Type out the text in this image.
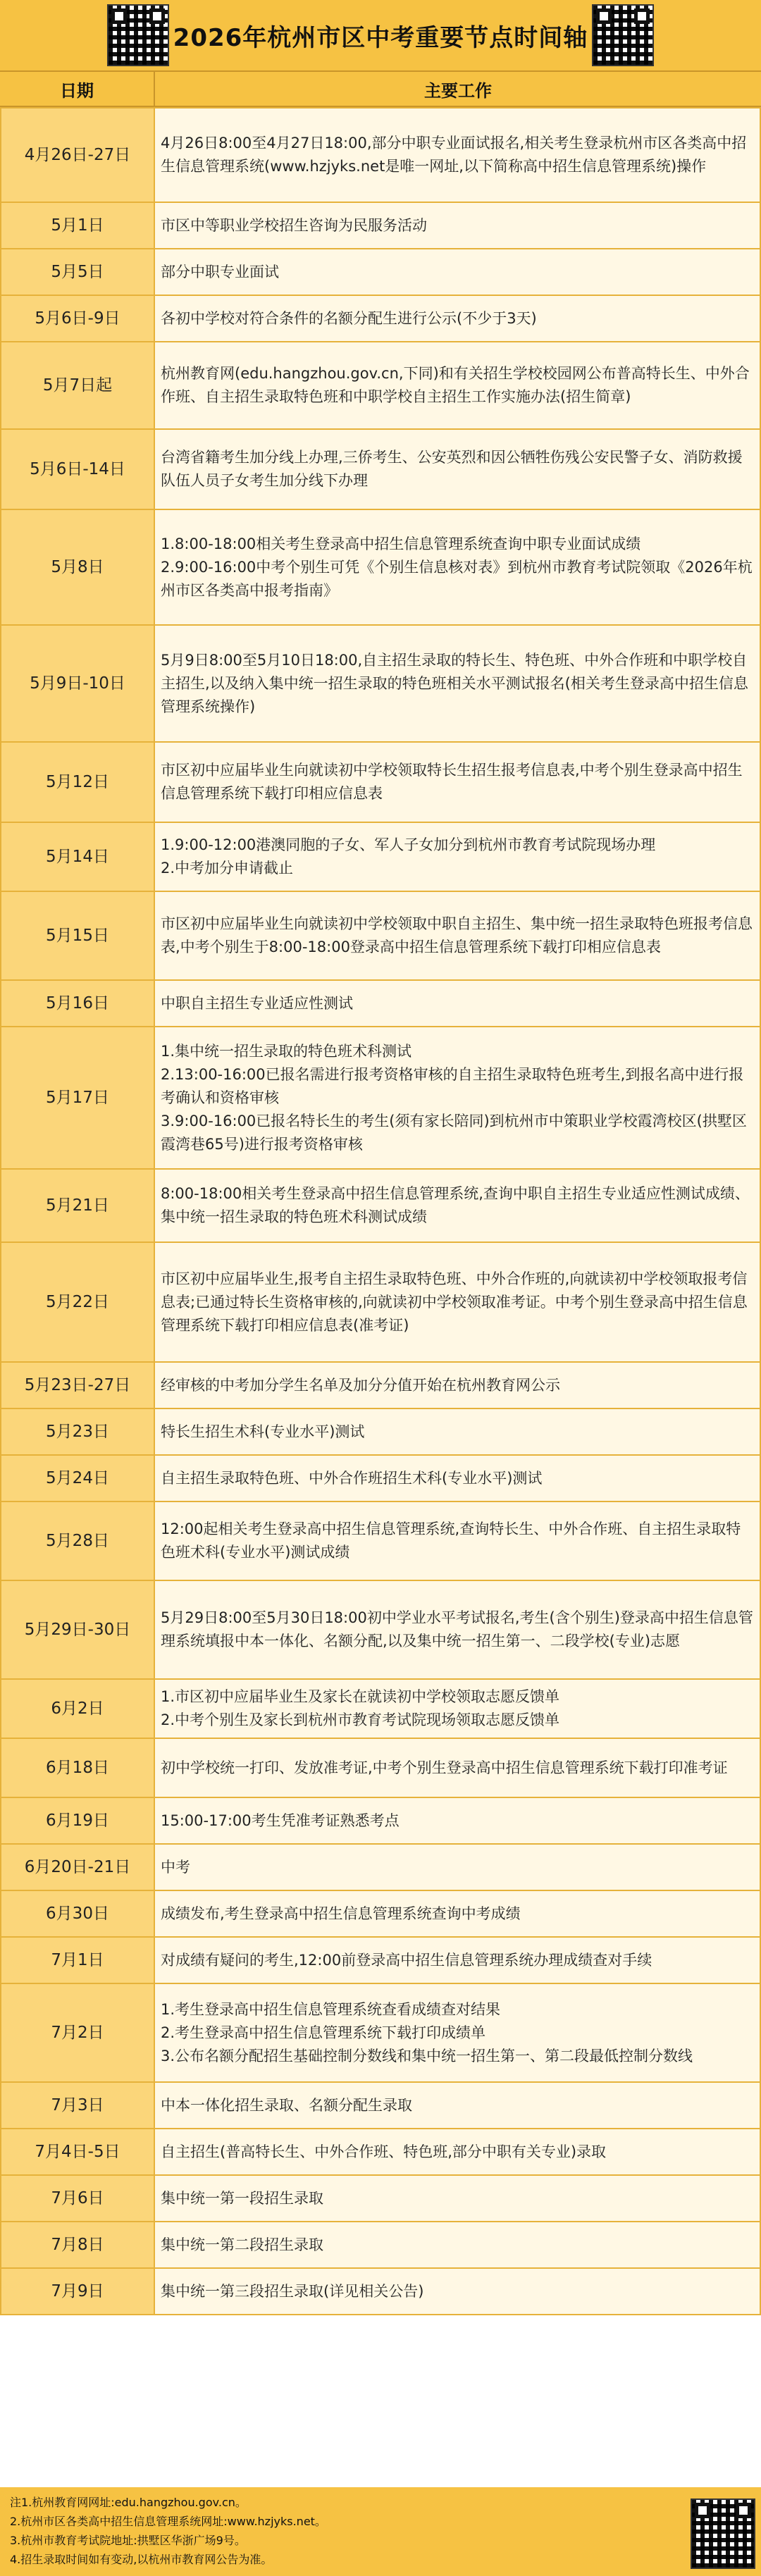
2026年杭州市区中考重要节点时间轴
日期	主要工作
4月26日-27日	4月26日8:00至4月27日18:00,部分中职专业面试报名,相关考生登录杭州市区各类高中招生信息管理系统(www.hzjyks.net是唯一网址,以下简称高中招生信息管理系统)操作
5月1日	市区中等职业学校招生咨询为民服务活动
5月5日	部分中职专业面试
5月6日-9日	各初中学校对符合条件的名额分配生进行公示(不少于3天)
5月7日起	杭州教育网(edu.hangzhou.gov.cn,下同)和有关招生学校校园网公布普高特长生、中外合作班、自主招生录取特色班和中职学校自主招生工作实施办法(招生简章)
5月6日-14日	台湾省籍考生加分线上办理,三侨考生、公安英烈和因公牺牲伤残公安民警子女、消防救援队伍人员子女考生加分线下办理
5月8日	1.8:00-18:00相关考生登录高中招生信息管理系统查询中职专业面试成绩
2.9:00-16:00中考个别生可凭《个别生信息核对表》到杭州市教育考试院领取《2026年杭州市区各类高中报考指南》
5月9日-10日	5月9日8:00至5月10日18:00,自主招生录取的特长生、特色班、中外合作班和中职学校自主招生,以及纳入集中统一招生录取的特色班相关水平测试报名(相关考生登录高中招生信息管理系统操作)
5月12日	市区初中应届毕业生向就读初中学校领取特长生招生报考信息表,中考个别生登录高中招生信息管理系统下载打印相应信息表
5月14日	1.9:00-12:00港澳同胞的子女、军人子女加分到杭州市教育考试院现场办理
2.中考加分申请截止
5月15日	市区初中应届毕业生向就读初中学校领取中职自主招生、集中统一招生录取特色班报考信息表,中考个别生于8:00-18:00登录高中招生信息管理系统下载打印相应信息表
5月16日	中职自主招生专业适应性测试
5月17日	1.集中统一招生录取的特色班术科测试
2.13:00-16:00已报名需进行报考资格审核的自主招生录取特色班考生,到报名高中进行报考确认和资格审核
3.9:00-16:00已报名特长生的考生(须有家长陪同)到杭州市中策职业学校霞湾校区(拱墅区霞湾巷65号)进行报考资格审核
5月21日	8:00-18:00相关考生登录高中招生信息管理系统,查询中职自主招生专业适应性测试成绩、集中统一招生录取的特色班术科测试成绩
5月22日	市区初中应届毕业生,报考自主招生录取特色班、中外合作班的,向就读初中学校领取报考信息表;已通过特长生资格审核的,向就读初中学校领取准考证。中考个别生登录高中招生信息管理系统下载打印相应信息表(准考证)
5月23日-27日	经审核的中考加分学生名单及加分分值开始在杭州教育网公示
5月23日	特长生招生术科(专业水平)测试
5月24日	自主招生录取特色班、中外合作班招生术科(专业水平)测试
5月28日	12:00起相关考生登录高中招生信息管理系统,查询特长生、中外合作班、自主招生录取特色班术科(专业水平)测试成绩
5月29日-30日	5月29日8:00至5月30日18:00初中学业水平考试报名,考生(含个别生)登录高中招生信息管理系统填报中本一体化、名额分配,以及集中统一招生第一、二段学校(专业)志愿
6月2日	1.市区初中应届毕业生及家长在就读初中学校领取志愿反馈单
2.中考个别生及家长到杭州市教育考试院现场领取志愿反馈单
6月18日	初中学校统一打印、发放准考证,中考个别生登录高中招生信息管理系统下载打印准考证
6月19日	15:00-17:00考生凭准考证熟悉考点
6月20日-21日	中考
6月30日	成绩发布,考生登录高中招生信息管理系统查询中考成绩
7月1日	对成绩有疑问的考生,12:00前登录高中招生信息管理系统办理成绩查对手续
7月2日	1.考生登录高中招生信息管理系统查看成绩查对结果
2.考生登录高中招生信息管理系统下载打印成绩单
3.公布名额分配招生基础控制分数线和集中统一招生第一、第二段最低控制分数线
7月3日	中本一体化招生录取、名额分配生录取
7月4日-5日	自主招生(普高特长生、中外合作班、特色班,部分中职有关专业)录取
7月6日	集中统一第一段招生录取
7月8日	集中统一第二段招生录取
7月9日	集中统一第三段招生录取(详见相关公告)
注1.杭州教育网网址:edu.hangzhou.gov.cn。
2.杭州市区各类高中招生信息管理系统网址:www.hzjyks.net。
3.杭州市教育考试院地址:拱墅区华浙广场9号。
4.招生录取时间如有变动,以杭州市教育网公告为准。
